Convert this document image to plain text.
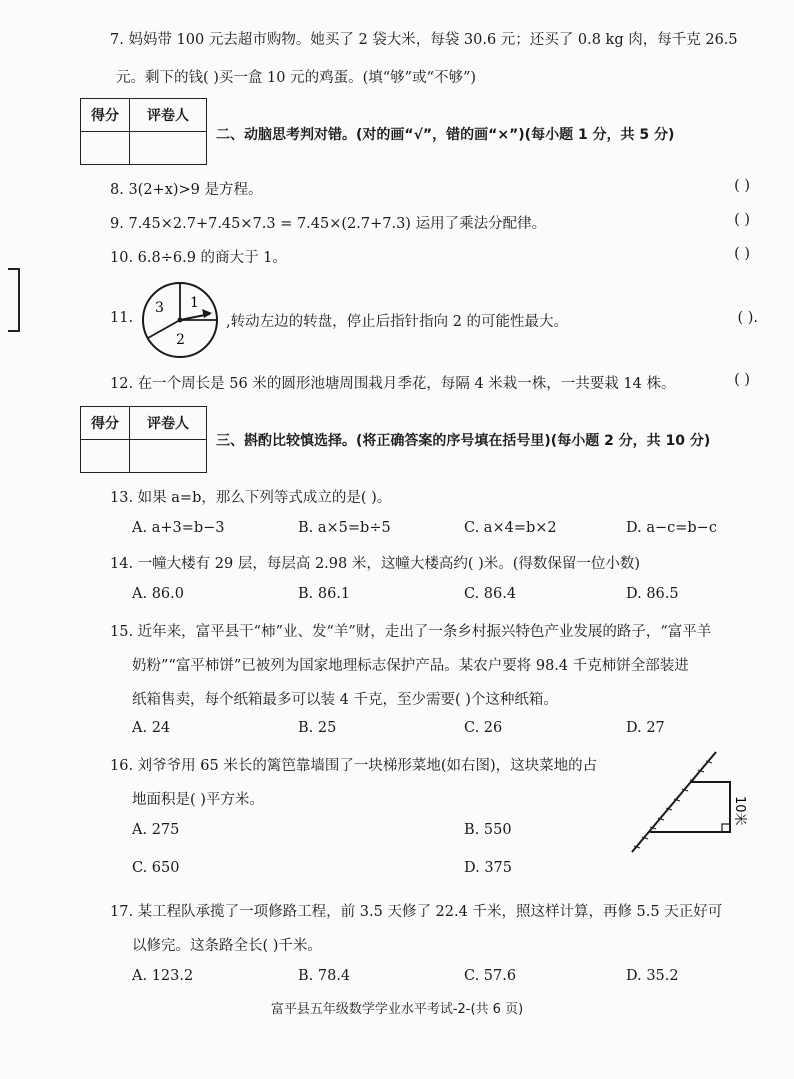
7. 妈妈带 100 元去超市购物。她买了 2 袋大米，每袋 30.6 元；还买了 0.8 kg 肉，每千克 26.5
元。剩下的钱( )买一盒 10 元的鸡蛋。(填“够”或“不够”)
得分	评卷人

二、动脑思考判对错。(对的画“√”，错的画“×”)(每小题 1 分，共 5 分)
8. 3(2+x)>9 是方程。	( )
9. 7.45×2.7+7.45×7.3 = 7.45×(2.7+7.3) 运用了乘法分配律。	( )
10. 6.8÷6.9 的商大于 1。	( )
11.
1
2
3
,转动左边的转盘，停止后指针指向 2 的可能性最大。	( ).
12. 在一个周长是 56 米的圆形池塘周围栽月季花，每隔 4 米栽一株，一共要栽 14 株。	( )
得分	评卷人

三、斟酌比较慎选择。(将正确答案的序号填在括号里)(每小题 2 分，共 10 分)
13. 如果 a=b，那么下列等式成立的是( )。
A. a+3=b−3	B. a×5=b÷5	C. a×4=b×2	D. a−c=b−c
14. 一幢大楼有 29 层，每层高 2.98 米，这幢大楼高约( )米。(得数保留一位小数)
A. 86.0	B. 86.1	C. 86.4	D. 86.5
15. 近年来，富平县干“柿”业、发“羊”财，走出了一条乡村振兴特色产业发展的路子，“富平羊
奶粉”“富平柿饼”已被列为国家地理标志保护产品。某农户要将 98.4 千克柿饼全部装进
纸箱售卖，每个纸箱最多可以装 4 千克，至少需要( )个这种纸箱。
A. 24	B. 25	C. 26	D. 27
16. 刘爷爷用 65 米长的篱笆靠墙围了一块梯形菜地(如右图)，这块菜地的占
地面积是( )平方米。
A. 275	B. 550
C. 650	D. 375
10米
17. 某工程队承揽了一项修路工程，前 3.5 天修了 22.4 千米，照这样计算，再修 5.5 天正好可
以修完。这条路全长( )千米。
A. 123.2	B. 78.4	C. 57.6	D. 35.2
富平县五年级数学学业水平考试-2-(共 6 页)
